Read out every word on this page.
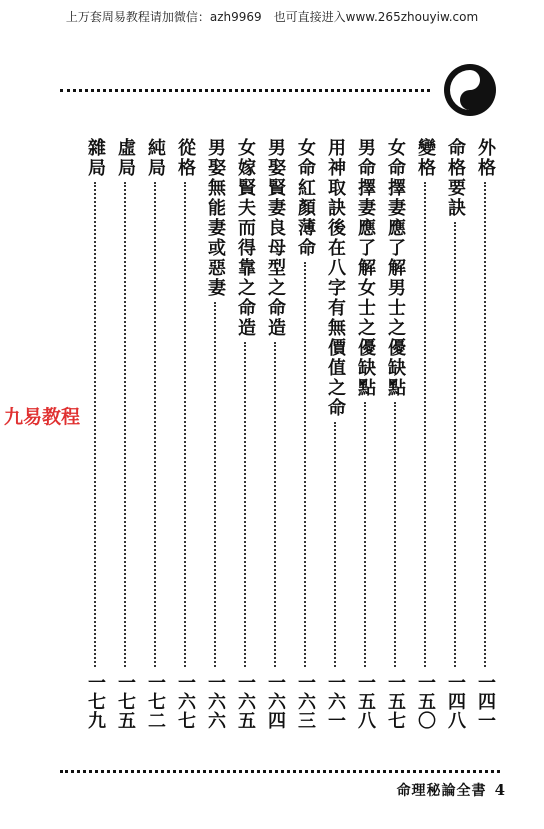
上万套周易教程请加微信：azh9969　也可直接进入www.265zhouyiw.com
外格
一四一
命格要訣
一四八
變格
一五〇
女命擇妻應了解男士之優缺點
一五七
男命擇妻應了解女士之優缺點
一五八
用神取訣後在八字有無價值之命
一六一
女命紅顏薄命
一六三
男娶賢妻良母型之命造
一六四
女嫁賢夫而得靠之命造
一六五
男娶無能妻或惡妻
一六六
從格
一六七
純局
一七二
虛局
一七五
雜局
一七九
九易教程
命理秘論全書 4
